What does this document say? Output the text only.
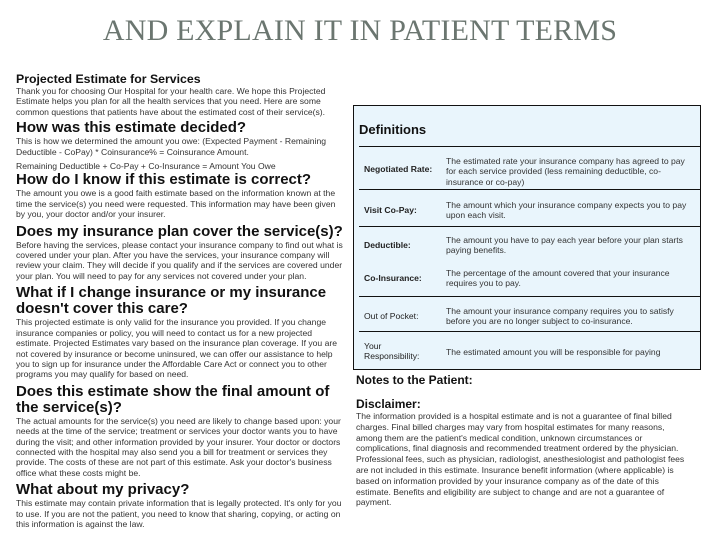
AND EXPLAIN IT IN PATIENT TERMS
Projected Estimate for Services
Thank you for choosing Our Hospital for your health care. We hope this Projected Estimate helps you plan for all the health services that you need. Here are some common questions that patients have about the estimated cost of their service(s).
How was this estimate decided?
This is how we determined the amount you owe: (Expected Payment - Remaining Deductible - CoPay) * Coinsurance% = Coinsurance Amount.
Remaining Deductible + Co-Pay + Co-Insurance = Amount You Owe
How do I know if this estimate is correct?
The amount you owe is a good faith estimate based on the information known at the time the service(s) you need were requested. This information may have been given by you, your doctor and/or your insurer.
Does my insurance plan cover the service(s)?
Before having the services, please contact your insurance company to find out what is covered under your plan. After you have the services, your insurance company will review your claim. They will decide if you qualify and if the services are covered under your plan. You will need to pay for any services not covered under your plan.
What if I change insurance or my insurance doesn't cover this care?
This projected estimate is only valid for the insurance you provided. If you change insurance companies or policy, you will need to contact us for a new projected estimate. Projected Estimates vary based on the insurance plan coverage. If you are not covered by insurance or become uninsured, we can offer our assistance to help you to sign up for insurance under the Affordable Care Act or connect you to other programs you may qualify for based on need.
Does this estimate show the final amount of the service(s)?
The actual amounts for the service(s) you need are likely to change based upon: your needs at the time of the service; treatment or services your doctor wants you to have during the visit; and other information provided by your insurer. Your doctor or doctors connected with the hospital may also send you a bill for treatment or services they provide. The costs of these are not part of this estimate. Ask your doctor's business office what these costs might be.
What about my privacy?
This estimate may contain private information that is legally protected. It's only for you to use. If you are not the patient, you need to know that sharing, copying, or acting on this information is against the law.
Definitions
Negotiated Rate:
The estimated rate your insurance company has agreed to pay for each service provided (less remaining deductible, co-insurance or co-pay)
Visit Co-Pay:	The amount which your insurance company expects you to pay upon each visit.
Deductible:	The amount you have to pay each year before your plan starts paying benefits.
Co-Insurance:	The percentage of the amount covered that your insurance requires you to pay.
Out of Pocket:	The amount your insurance company requires you to satisfy before you are no longer subject to co-insurance.
Your Responsibility:	The estimated amount you will be responsible for paying
Notes to the Patient:
Disclaimer:
The information provided is a hospital estimate and is not a guarantee of final billed charges. Final billed charges may vary from hospital estimates for many reasons, among them are the patient's medical condition, unknown circumstances or complications, final diagnosis and recommended treatment ordered by the physician. Professional fees, such as physician, radiologist, anesthesiologist and pathologist fees are not included in this estimate. Insurance benefit information (where applicable) is based on information provided by your insurance company as of the date of this estimate. Benefits and eligibility are subject to change and are not a guarantee of payment.
